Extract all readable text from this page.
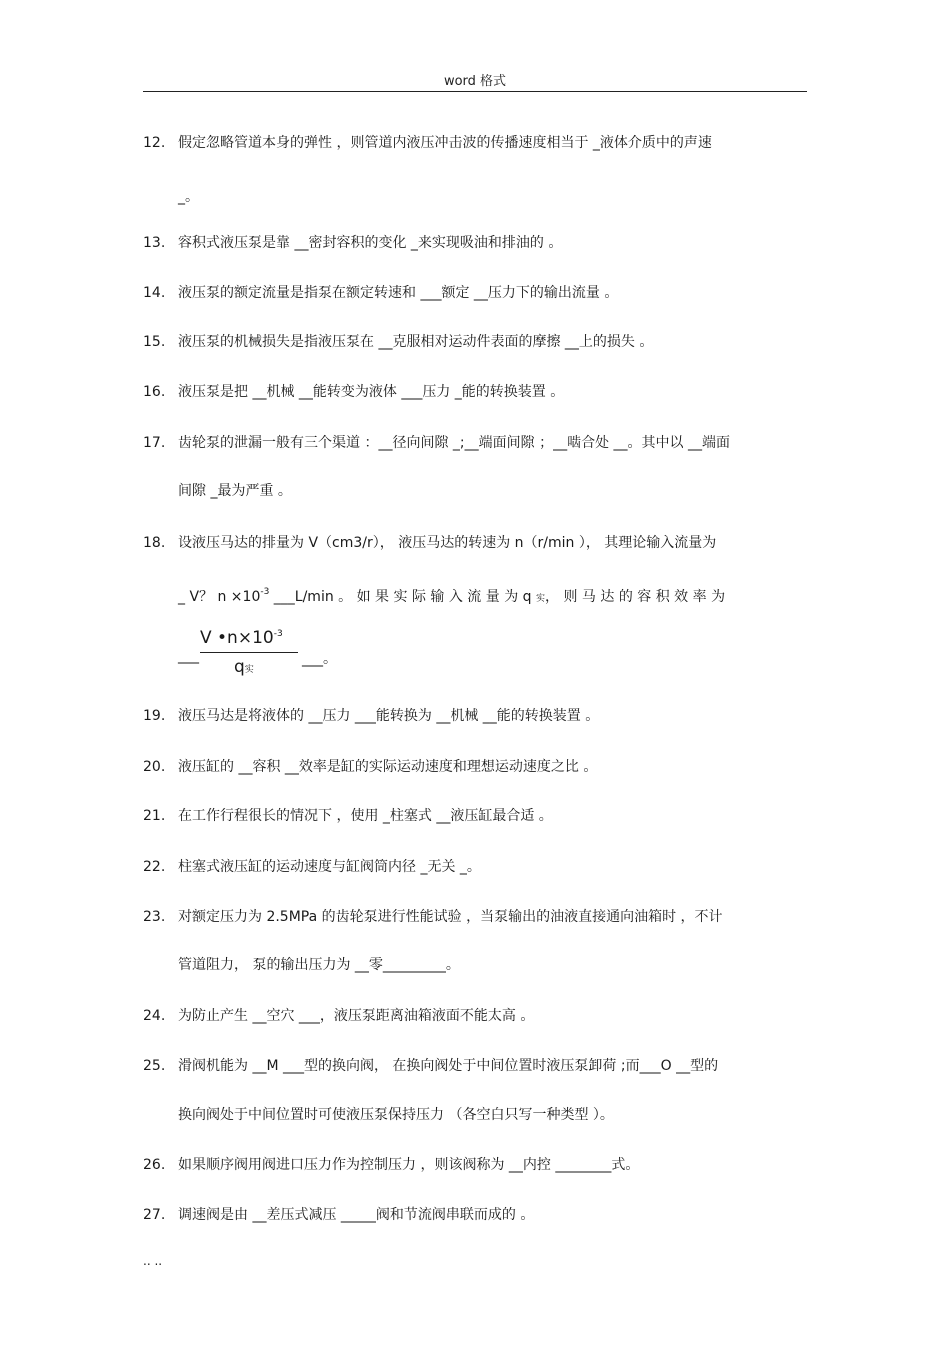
word 格式
12. 假定忽略管道本身的弹性 ，则管道内液压冲击波的传播速度相当于 _液体介质中的声速
_。
13. 容积式液压泵是靠 __密封容积的变化 _来实现吸油和排油的 。
14. 液压泵的额定流量是指泵在额定转速和 ___额定 __压力下的输出流量 。
15. 液压泵的机械损失是指液压泵在 __克服相对运动件表面的摩擦 __上的损失 。
16. 液压泵是把 __机械 __能转变为液体 ___压力 _能的转换装置 。
17. 齿轮泵的泄漏一般有三个渠道 ：__径向间隙 _;__端面间隙 ；__啮合处 __。其中以 __端面
间隙 _最为严重 。
18. 设液压马达的排量为 V（cm3/r）， 液压马达的转速为 n（r/min ）， 其理论输入流量为
_ V？ $n \times 10^{-3}$ ___L/min 。 如 果 实 际 输 入 流 量 为 q 实， 则 马 达 的 容 积 效 率 为
___
V $•n\times 10^{-3}$
q实
___。
19. 液压马达是将液体的 __压力 ___能转换为 __机械 __能的转换装置 。
20. 液压缸的 __容积 __效率是缸的实际运动速度和理想运动速度之比 。
21. 在工作行程很长的情况下 ，使用 _柱塞式 __液压缸最合适 。
22. 柱塞式液压缸的运动速度与缸阀筒内径 _无关 _。
23. 对额定压力为 2.5MPa 的齿轮泵进行性能试验 ，当泵输出的油液直接通向油箱时 ，不计
管道阻力， 泵的输出压力为 __零_________。
24. 为防止产生 __空穴 ___，液压泵距离油箱液面不能太高 。
25. 滑阀机能为 __M ___型的换向阀， 在换向阀处于中间位置时液压泵卸荷 ;而___O __型的
换向阀处于中间位置时可使液压泵保持压力 （各空白只写一种类型 ）。
26. 如果顺序阀用阀进口压力作为控制压力 ，则该阀称为 __内控 ________式。
27. 调速阀是由 __差压式减压 _____阀和节流阀串联而成的 。
.. ..
